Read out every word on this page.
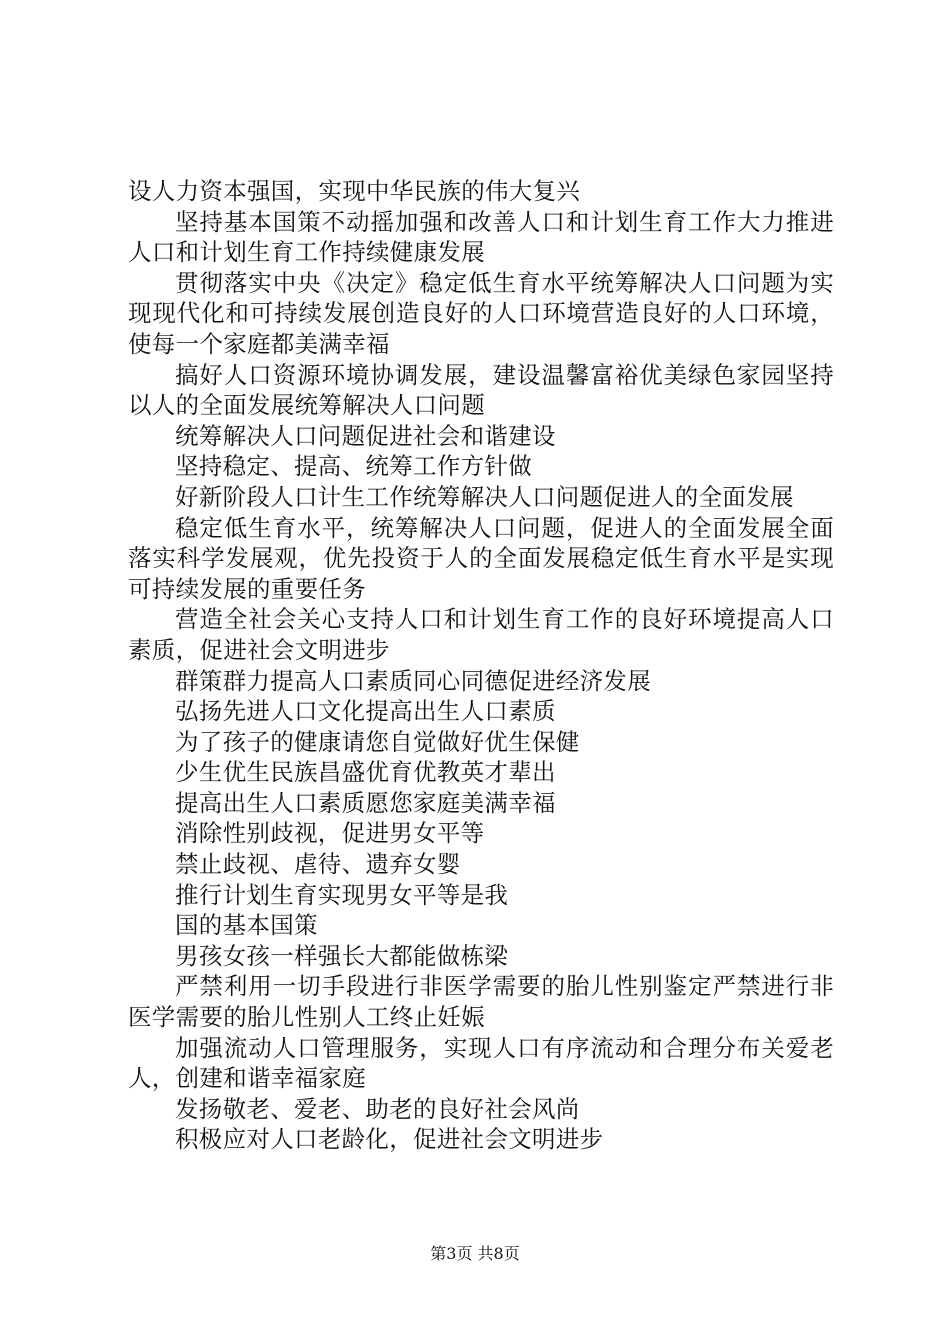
设人力资本强国，实现中华民族的伟大复兴

坚持基本国策不动摇加强和改善人口和计划生育工作大力推进人口和计划生育工作持续健康发展

贯彻落实中央《决定》稳定低生育水平统筹解决人口问题为实现现代化和可持续发展创造良好的人口环境营造良好的人口环境，使每一个家庭都美满幸福

搞好人口资源环境协调发展，建设温馨富裕优美绿色家园坚持以人的全面发展统筹解决人口问题

统筹解决人口问题促进社会和谐建设

坚持稳定、提高、统筹工作方针做

好新阶段人口计生工作统筹解决人口问题促进人的全面发展

稳定低生育水平，统筹解决人口问题，促进人的全面发展全面落实科学发展观，优先投资于人的全面发展稳定低生育水平是实现可持续发展的重要任务

营造全社会关心支持人口和计划生育工作的良好环境提高人口素质，促进社会文明进步

群策群力提高人口素质同心同德促进经济发展

弘扬先进人口文化提高出生人口素质

为了孩子的健康请您自觉做好优生保健

少生优生民族昌盛优育优教英才辈出

提高出生人口素质愿您家庭美满幸福

消除性别歧视，促进男女平等

禁止歧视、虐待、遗弃女婴

推行计划生育实现男女平等是我

国的基本国策

男孩女孩一样强长大都能做栋梁

严禁利用一切手段进行非医学需要的胎儿性别鉴定严禁进行非医学需要的胎儿性别人工终止妊娠

加强流动人口管理服务，实现人口有序流动和合理分布关爱老人，创建和谐幸福家庭

发扬敬老、爱老、助老的良好社会风尚

积极应对人口老龄化，促进社会文明进步

第3页 共8页
